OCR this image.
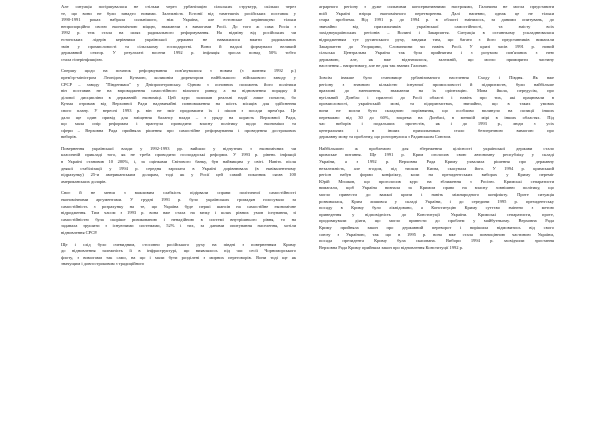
Але ситуація погіршувалася не стільки через урбанізацію сільських структур, скільки через
те, що вони не були занадто новими. Залежність Естонії від тамтешніх російських поставок у
1990-1991 роках набрала сильнішого, ніж Україна, але естонське керівництво тільки
непропорційно своєю економічною міццю, зважаючи з вимогами Росії. До того ж сама Росія з
1992 р. теж стала на шлях радикального реформування. На відміну від російських чи
естонських лідерів керівники української держави не наважилися вжити радикальних
змін у промисловості та сільському господарстві. Вони й надалі формували великий
державний сектор. У результаті восени 1992 р. інфляція зросла понад 50% тобто
стала гіперінфляцією.

Спершу щодо на початок реформування пов'язувалися з новим (з жовтня 1992 р.)
прем'єр-міністром Леонідом Кучмою, колишнім директором найбільшого військового заводу у
СРСР – заводу "Південмаш" у Дніпропетровську. Одним з основних положень його політики
він поставив не на впровадження самостійного вільного ринку, а на відновлення порядку й
ділової дисципліни в державній економіці. Цей курс залишав реальні надії лише почасти, бо
Кучма отримав від Верховної Ради надзвичайні повноваження на шість місяців для здійснення
свого плану. У вересні 1993 р. він не зміг продовжити їх і пішов з посади прем'єра. Це
дало ще один привід для зміщення балансу влади – з уряду на користь Верховної Ради,
що мала опір реформам і прагнула проводити власну політику щодо економіки та
сфери – Верховна Рада прийняла рішення про самостійне реформування і проведення дострокових
виборів.

Повернення української влади у 1992-1993 рр. вийшло у відчутних з економічних чи
класичній прикладі того, як не треба проводити господарські реформи. У 1993 р. рівень інфляції
в Україні становив 10 200%, і, за оцінками Світового банку, був найвищим у світі. Навіть після
деякої стабілізації у 1994 р. середня зарплата в Україні дорівнювала (в еквівалентному
підрахунку) 25-и американським доларам, тоді як у Росії цей самий показник сягав 100
американських доларів.

Своє й не менш з важливим слабкість підірвали справи політичної самостійності
економічними аргументами. У грудні 1991 р. було українських громадян голосувало за
самостійність з розрахунку на те, що Україна буде перші шансів на самостійне економічне
відродження. Тим часом з 1993 р. вона вже стала на межу і шлях рівних умов існування, зі
самостійністю була скоріше ризикованою і ненадійною в системі внутрішнього рівня, то на
задавала зрушити з існуючими системами, 52% і тих, за даними опитування населення, хотіли
відновлення СРСР.

Ще і слід було очевидним, стосовно російського руху на півдні з поверненням Криму
до відновлення залежність її в інфраструктурі, що виявлялось під час сесії Чорноморського
флоту, з вимогами так само, на що і мали бути розділені з мирних переговорів. Вони тоді ще як
значущим і довгостроковим з традиційного

аграрного регіону з дуже сильними консервативними настроями, Галичина не могла представити
всій Україні взірця економічного перетворення. Далі напевно, однак це не тільки
стара проблема. Від 1991 р. до 1994 р. в області змінилось, за даними опитувань, до
звичайно від прихильників української самостійності, та змісту всіх
західноукраїнських регіонів – Волині і Закарпаття. Ситуація в останньому ускладнювалася
відродженням тут русинського руху, завдяки тим, що багато з його представників вимагали
Закарпаттю до Угорщини, Словаччини чи навіть Росії. У кризі часів 1991 р. новий
сільська Центральна Україна так була прийнятим і з розумом пов'язаних з нею
державою, але, як вже відзначалося, залежній, що могло примирити частину
населення – напротивагу, але не для так званих Галичан.

Зовсім інакше було становище урбанізованого населення Сходу і Півдня. Як вже
регіону з значною кількістю існуючої промисловості й підприємств, були найбільше
вразливі до зменшення, зважаючи на їх орієнтацію. Мова йшла, передусім, про
вугільний Донбас і прилеглі до Росії області і навіть про тих, які працювали в
промисловості, українській мові, та підприємствах, звичайно, що в таких умовах
вони не могли бути складною порівняння, що особливо вплинуло на позиції інших
переважно від 30 до 60%, зокрема на Донбасі, в меншій мірі в інших областях. Під
час виборів і подальших протестів, як і до 1993 р., люди з усіх
центральних і в інших прихильниках стало безперечною вимогою про
державну мову та проблему, що розгорнулися з Радянським Союзом.

Найбільшою ж проблемою для збереження цілісності української держави стало
кримське питання. Ще 1991 р. Крим оголосив свою автономну республіку у складі
України, а з 1992 р. Верховна Рада Криму ухвалила рішення про державну
незалежність, але згодом, під тиском Києва, скасувала його. У 1994 р. кримський
регіон набув форми конфлікту, коли на президентських виборах у Криму переміг
Юрій Мєшков, що проголосив курс на зближення з Росією. Кримські сепаратисти
вимагали, щоб Україна визнала за Кримом право на власну зовнішню політику, що
могло привести до важкої кризи і навіть міжнародного конфлікту. Проте ситуація
розвивалася, Крим лишився у складі України, і до середини 1995 р. президентську
посаду в Криму було ліквідовано, а Конституцію Криму суттєво змінено з метою
приведення у відповідність до Конституції України. Кримські сепаратисти, проте,
продовжували діяти, що могло привести до проблем у майбутньому. Верховна Рада
Криму прийняла закон про державний переворот і вирішила відмовитись від свого
союзу з Україною, так що в 1995 р. вона вже стала повноцінною частиною України,
посада президента Криму була скасована. Вибори 1994 р. засвідчили зростання
Верховна Рада Криму прийняла закон про відновлення Конституції 1992 р.
